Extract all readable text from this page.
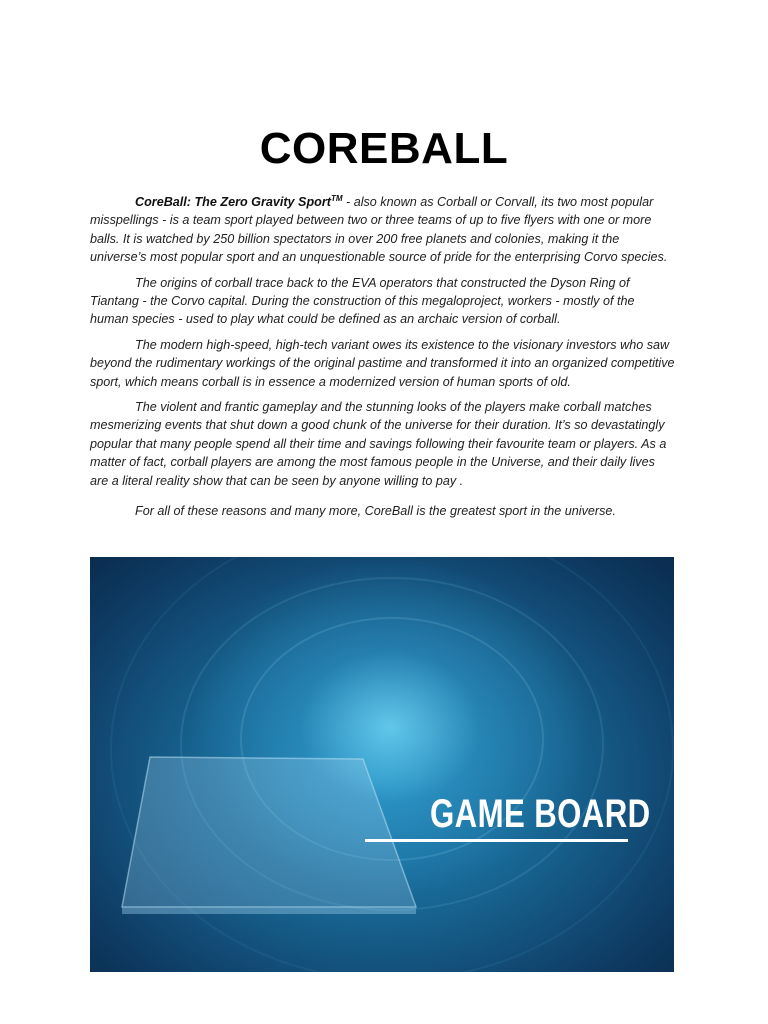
COREBALL

CoreBall: The Zero Gravity Sport™ - also known as Corball or Corvall, its two most popular misspellings - is a team sport played between two or three teams of up to five flyers with one or more balls. It is watched by 250 billion spectators in over 200 free planets and colonies, making it the universe’s most popular sport and an unquestionable source of pride for the enterprising Corvo species.

The origins of corball trace back to the EVA operators that constructed the Dyson Ring of Tiantang - the Corvo capital. During the construction of this megaloproject, workers - mostly of the human species - used to play what could be defined as an archaic version of corball.

The modern high-speed, high-tech variant owes its existence to the visionary investors who saw beyond the rudimentary workings of the original pastime and transformed it into an organized competitive sport, which means corball is in essence a modernized version of human sports of old.

The violent and frantic gameplay and the stunning looks of the players make corball matches mesmerizing events that shut down a good chunk of the universe for their duration. It’s so devastatingly popular that many people spend all their time and savings following their favourite team or players. As a matter of fact, corball players are among the most famous people in the Universe, and their daily lives are a literal reality show that can be seen by anyone willing to pay .

For all of these reasons and many more, CoreBall is the greatest sport in the universe.

GAME BOARD
